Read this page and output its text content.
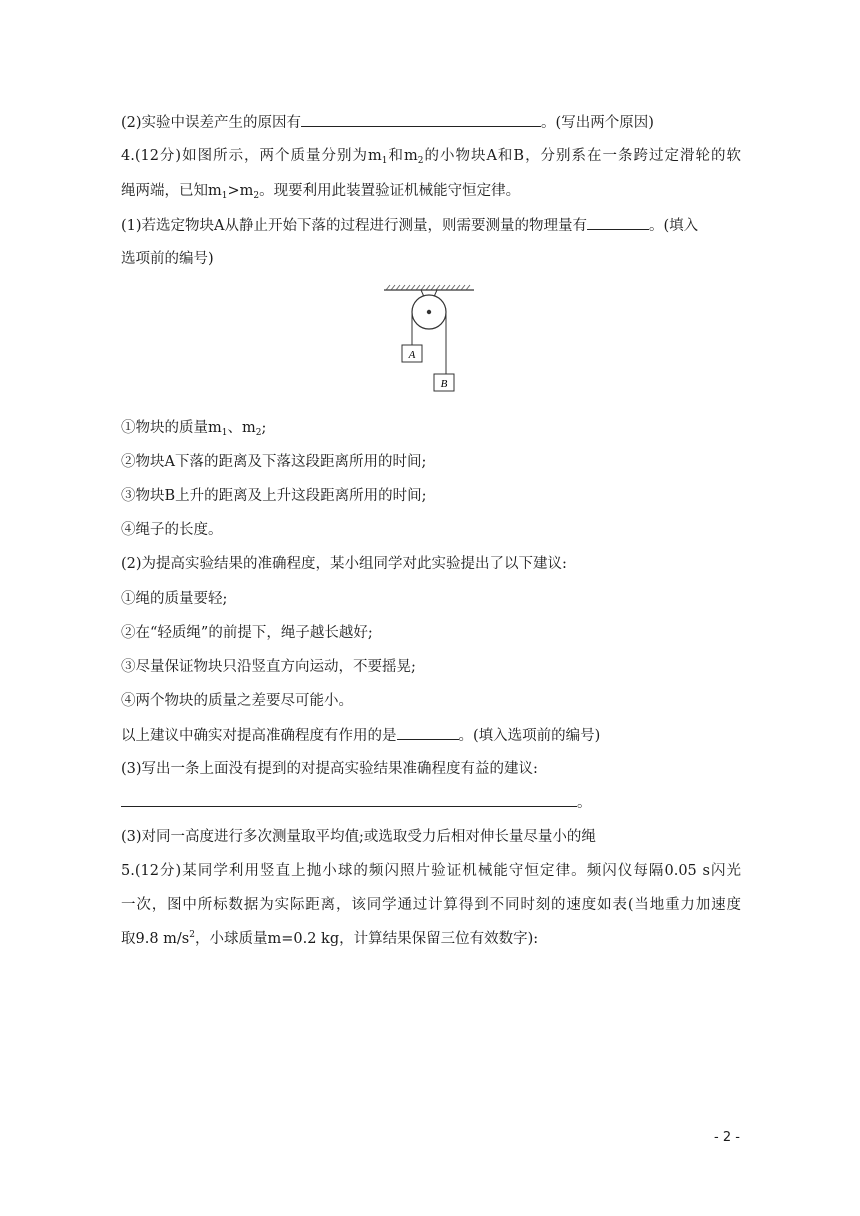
(2)实验中误差产生的原因有	。(写出两个原因)
4.(12分)如图所示，两个质量分别为$m_1$和$m_2$的小物块A和B，分别系在一条跨过定滑轮的软
绳两端，已知$m_1>m_2$。现要利用此装置验证机械能守恒定律。
(1)若选定物块A从静止开始下落的过程进行测量，则需要测量的物理量有	。(填入
选项前的编号)
A
B
①物块的质量$m_1$、$m_2$;
②物块A下落的距离及下落这段距离所用的时间;
③物块B上升的距离及上升这段距离所用的时间;
④绳子的长度。
(2)为提高实验结果的准确程度，某小组同学对此实验提出了以下建议:
①绳的质量要轻;
②在“轻质绳”的前提下，绳子越长越好;
③尽量保证物块只沿竖直方向运动，不要摇晃;
④两个物块的质量之差要尽可能小。
以上建议中确实对提高准确程度有作用的是	。(填入选项前的编号)
(3)写出一条上面没有提到的对提高实验结果准确程度有益的建议:
。
(3)对同一高度进行多次测量取平均值;或选取受力后相对伸长量尽量小的绳
5.(12分)某同学利用竖直上抛小球的频闪照片验证机械能守恒定律。频闪仪每隔0.05 s闪光
一次，图中所标数据为实际距离，该同学通过计算得到不同时刻的速度如表(当地重力加速度
取9.8 $m/s^2$，小球质量m=0.2 kg，计算结果保留三位有效数字):
- 2 -
